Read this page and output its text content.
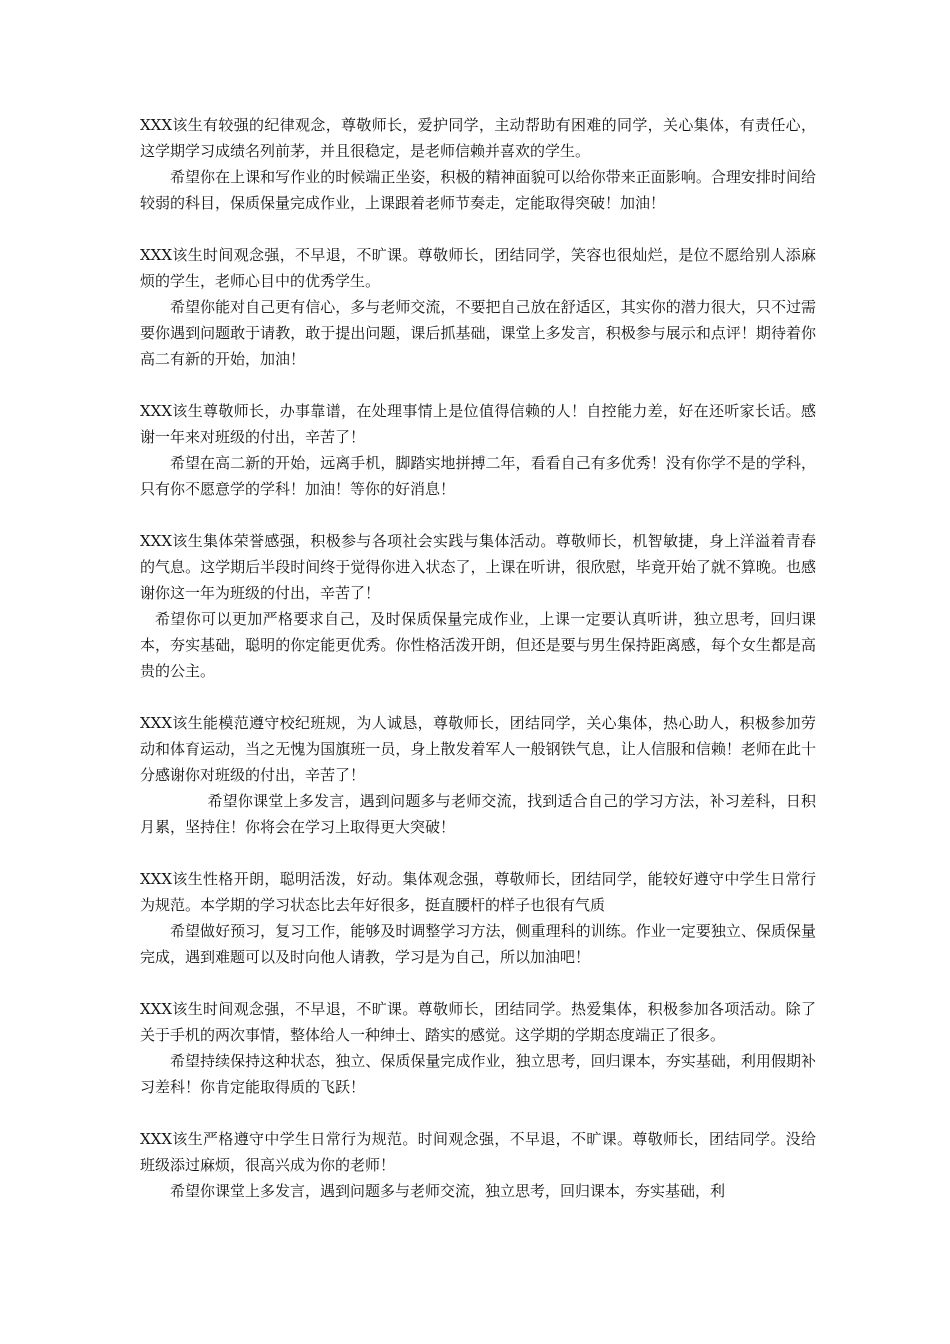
XXX该生有较强的纪律观念，尊敬师长，爱护同学，主动帮助有困难的同学，关心集体，有责任心，这学期学习成绩名列前茅，并且很稳定，是老师信赖并喜欢的学生。

希望你在上课和写作业的时候端正坐姿，积极的精神面貌可以给你带来正面影响。合理安排时间给较弱的科目，保质保量完成作业，上课跟着老师节奏走，定能取得突破！加油！

XXX该生时间观念强，不早退，不旷课。尊敬师长，团结同学，笑容也很灿烂，是位不愿给别人添麻烦的学生，老师心目中的优秀学生。

希望你能对自己更有信心，多与老师交流，不要把自己放在舒适区，其实你的潜力很大，只不过需要你遇到问题敢于请教，敢于提出问题，课后抓基础，课堂上多发言，积极参与展示和点评！期待着你高二有新的开始，加油！

XXX该生尊敬师长，办事靠谱，在处理事情上是位值得信赖的人！自控能力差，好在还听家长话。感谢一年来对班级的付出，辛苦了！

希望在高二新的开始，远离手机，脚踏实地拼搏二年，看看自己有多优秀！没有你学不是的学科，只有你不愿意学的学科！加油！等你的好消息！

XXX该生集体荣誉感强，积极参与各项社会实践与集体活动。尊敬师长，机智敏捷，身上洋溢着青春的气息。这学期后半段时间终于觉得你进入状态了，上课在听讲，很欣慰，毕竟开始了就不算晚。也感谢你这一年为班级的付出，辛苦了！

希望你可以更加严格要求自己，及时保质保量完成作业，上课一定要认真听讲，独立思考，回归课本，夯实基础，聪明的你定能更优秀。你性格活泼开朗，但还是要与男生保持距离感，每个女生都是高贵的公主。

XXX该生能模范遵守校纪班规，为人诚恳，尊敬师长，团结同学，关心集体，热心助人，积极参加劳动和体育运动，当之无愧为国旗班一员，身上散发着军人一般钢铁气息，让人信服和信赖！老师在此十分感谢你对班级的付出，辛苦了！

希望你课堂上多发言，遇到问题多与老师交流，找到适合自己的学习方法，补习差科，日积月累，坚持住！你将会在学习上取得更大突破！

XXX该生性格开朗，聪明活泼，好动。集体观念强，尊敬师长，团结同学，能较好遵守中学生日常行为规范。本学期的学习状态比去年好很多，挺直腰杆的样子也很有气质

希望做好预习，复习工作，能够及时调整学习方法，侧重理科的训练。作业一定要独立、保质保量完成，遇到难题可以及时向他人请教，学习是为自己，所以加油吧！

XXX该生时间观念强，不早退，不旷课。尊敬师长，团结同学。热爱集体，积极参加各项活动。除了关于手机的两次事情，整体给人一种绅士、踏实的感觉。这学期的学期态度端正了很多。

希望持续保持这种状态，独立、保质保量完成作业，独立思考，回归课本，夯实基础，利用假期补习差科！你肯定能取得质的飞跃！

XXX该生严格遵守中学生日常行为规范。时间观念强，不早退，不旷课。尊敬师长，团结同学。没给班级添过麻烦，很高兴成为你的老师！

希望你课堂上多发言，遇到问题多与老师交流，独立思考，回归课本，夯实基础，利
